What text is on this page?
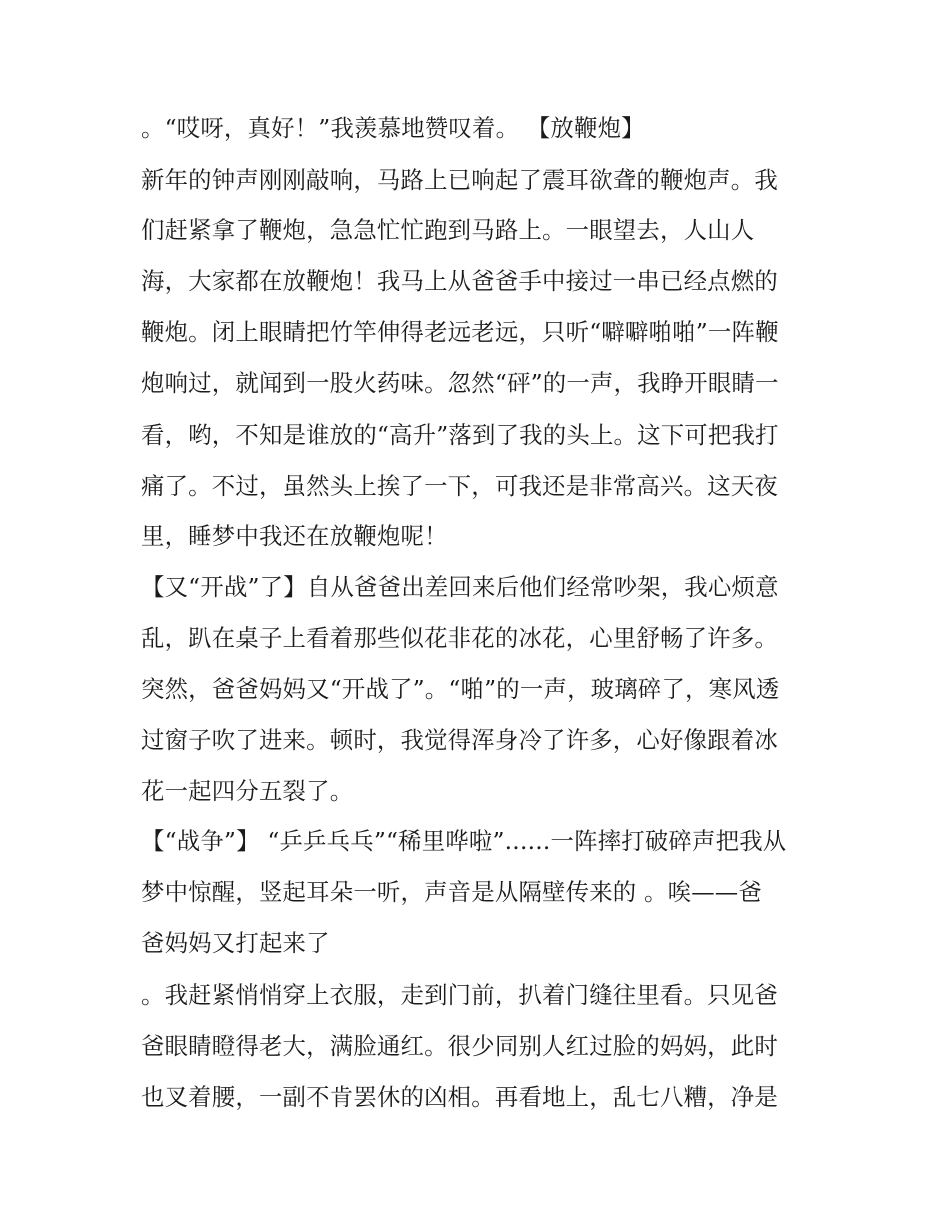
。“哎呀，真好！”我羡慕地赞叹着。 【放鞭炮】
新年的钟声刚刚敲响，马路上已响起了震耳欲聋的鞭炮声。我
们赶紧拿了鞭炮，急急忙忙跑到马路上。一眼望去，人山人
海，大家都在放鞭炮！我马上从爸爸手中接过一串已经点燃的
鞭炮。闭上眼睛把竹竿伸得老远老远，只听“噼噼啪啪”一阵鞭
炮响过，就闻到一股火药味。忽然“砰”的一声，我睁开眼睛一
看，哟，不知是谁放的“高升”落到了我的头上。这下可把我打
痛了。不过，虽然头上挨了一下，可我还是非常高兴。这天夜
里，睡梦中我还在放鞭炮呢！
【又“开战”了】自从爸爸出差回来后他们经常吵架，我心烦意
乱，趴在桌子上看着那些似花非花的冰花，心里舒畅了许多。
突然，爸爸妈妈又“开战了”。“啪”的一声，玻璃碎了，寒风透
过窗子吹了进来。顿时，我觉得浑身冷了许多，心好像跟着冰
花一起四分五裂了。
【“战争”】 “乒乒乓乓”“稀里哗啦”......一阵摔打破碎声把我从
梦中惊醒，竖起耳朵一听，声音是从隔壁传来的 。唉——爸
爸妈妈又打起来了
。我赶紧悄悄穿上衣服，走到门前，扒着门缝往里看。只见爸
爸眼睛瞪得老大，满脸通红。很少同别人红过脸的妈妈，此时
也叉着腰，一副不肯罢休的凶相。再看地上，乱七八糟，净是
